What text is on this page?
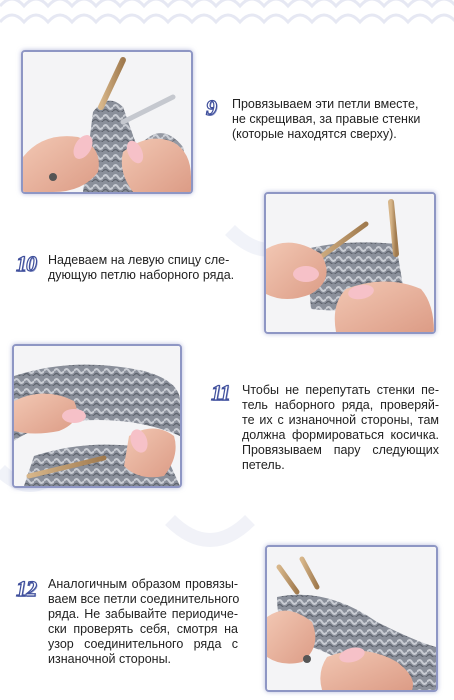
9 Провязываем эти петли вместе,
не скрещивая, за правые стенки
(которые находятся сверху).

10 Надеваем на левую спицу сле-
дующую петлю наборного ряда.

11 Чтобы не перепутать стенки пе-
тель наборного ряда, проверяй-
те их с изнаночной стороны, там
должна формироваться косичка.
Провязываем пару следующих
петель.

12 Аналогичным образом провязы-
ваем все петли соединительного
ряда. Не забывайте периодиче-
ски проверять себя, смотря на
узор соединительного ряда с
изнаночной стороны.
